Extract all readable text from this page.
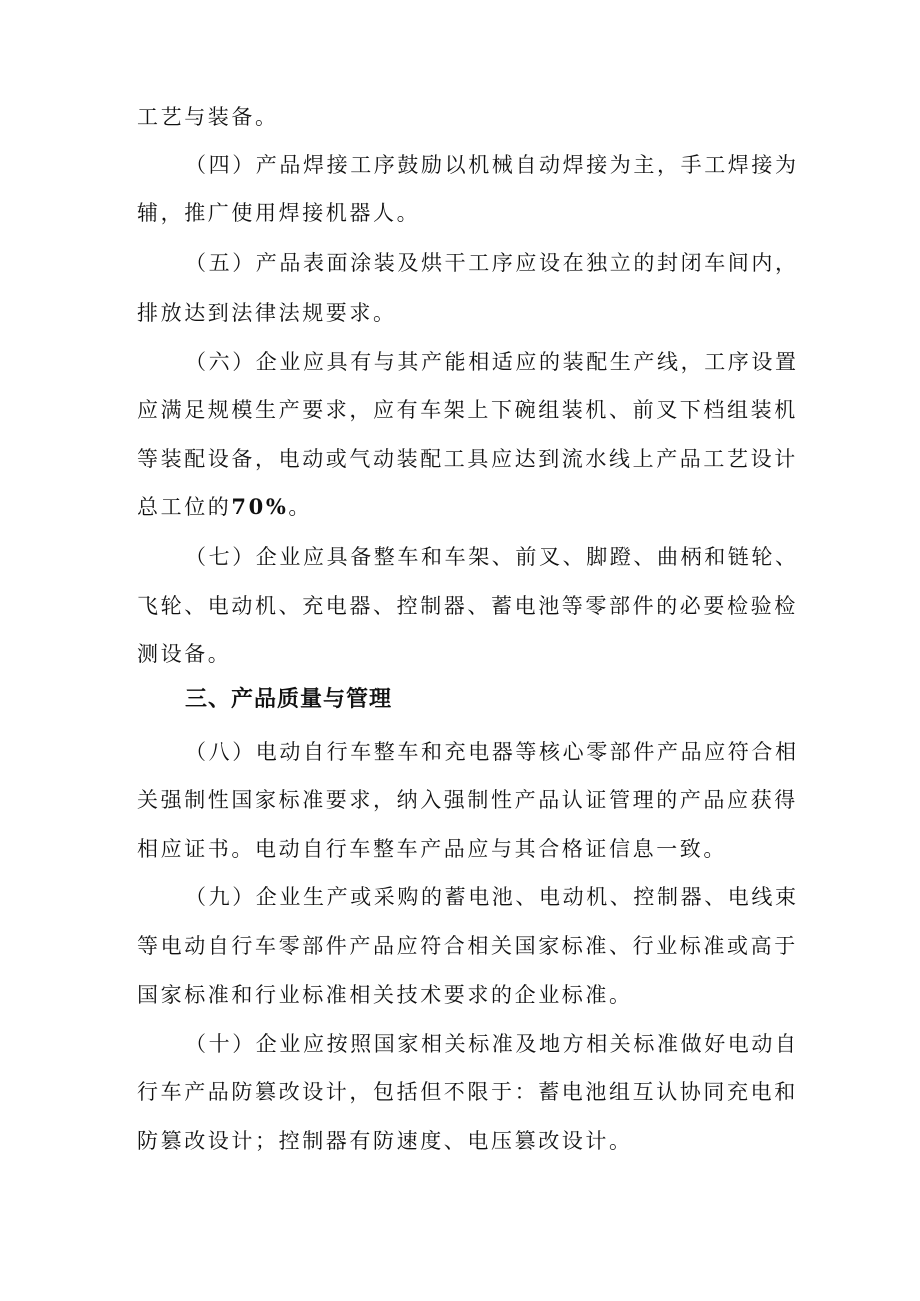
工艺与装备。
（四）产品焊接工序鼓励以机械自动焊接为主，手工焊接为
辅，推广使用焊接机器人。
（五）产品表面涂装及烘干工序应设在独立的封闭车间内，
排放达到法律法规要求。
（六）企业应具有与其产能相适应的装配生产线，工序设置
应满足规模生产要求，应有车架上下碗组装机、前叉下档组装机
等装配设备，电动或气动装配工具应达到流水线上产品工艺设计
总工位的70%。
（七）企业应具备整车和车架、前叉、脚蹬、曲柄和链轮、
飞轮、电动机、充电器、控制器、蓄电池等零部件的必要检验检
测设备。
三、产品质量与管理
（八）电动自行车整车和充电器等核心零部件产品应符合相
关强制性国家标准要求，纳入强制性产品认证管理的产品应获得
相应证书。电动自行车整车产品应与其合格证信息一致。
（九）企业生产或采购的蓄电池、电动机、控制器、电线束
等电动自行车零部件产品应符合相关国家标准、行业标准或高于
国家标准和行业标准相关技术要求的企业标准。
（十）企业应按照国家相关标准及地方相关标准做好电动自
行车产品防篡改设计，包括但不限于：蓄电池组互认协同充电和
防篡改设计；控制器有防速度、电压篡改设计。
